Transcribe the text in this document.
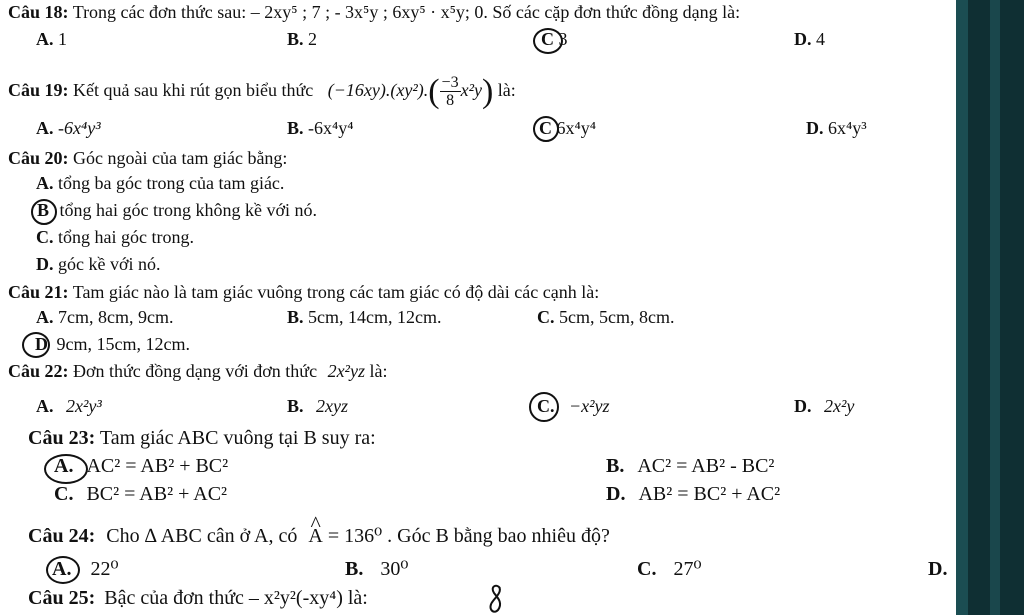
Câu 18: Trong các đơn thức sau: – 2xy⁵ ; 7 ; - 3x⁵y ; 6xy⁵ · x⁵y; 0. Số các cặp đơn thức đồng dạng là:
A. 1	B. 2	C 3	D. 4
Câu 19: Kết quả sau khi rút gọn biểu thức $(-16xy).(xy^2).( \frac{-3}{8} x^2y)$ là:
A. -6x⁴y³	B. -6x⁴y⁴	C 6x⁴y⁴	D. 6x⁴y³
Câu 20: Góc ngoài của tam giác bằng:
A. tổng ba góc trong của tam giác.
B tổng hai góc trong không kề với nó.
C. tổng hai góc trong.
D. góc kề với nó.
Câu 21: Tam giác nào là tam giác vuông trong các tam giác có độ dài các cạnh là:
A. 7cm, 8cm, 9cm.	B. 5cm, 14cm, 12cm.	C. 5cm, 5cm, 8cm.
D 9cm, 15cm, 12cm.
Câu 22: Đơn thức đồng dạng với đơn thức 2x²yz là:
A. 2x²y³	B. 2xyz	C. −x²yz	D. 2x²y
Câu 23: Tam giác ABC vuông tại B suy ra:
A. AC² = AB² + BC²	B. AC² = AB² - BC²
C. BC² = AB² + AC²	D. AB² = BC² + AC²
Câu 24: Cho ∆ ABC cân ở A, có ^ A = 136⁰ . Góc B bằng bao nhiêu độ?
A. 22⁰	B. 30⁰	C. 27⁰	D.
Câu 25: Bậc của đơn thức – x²y²(-xy⁴) là:
